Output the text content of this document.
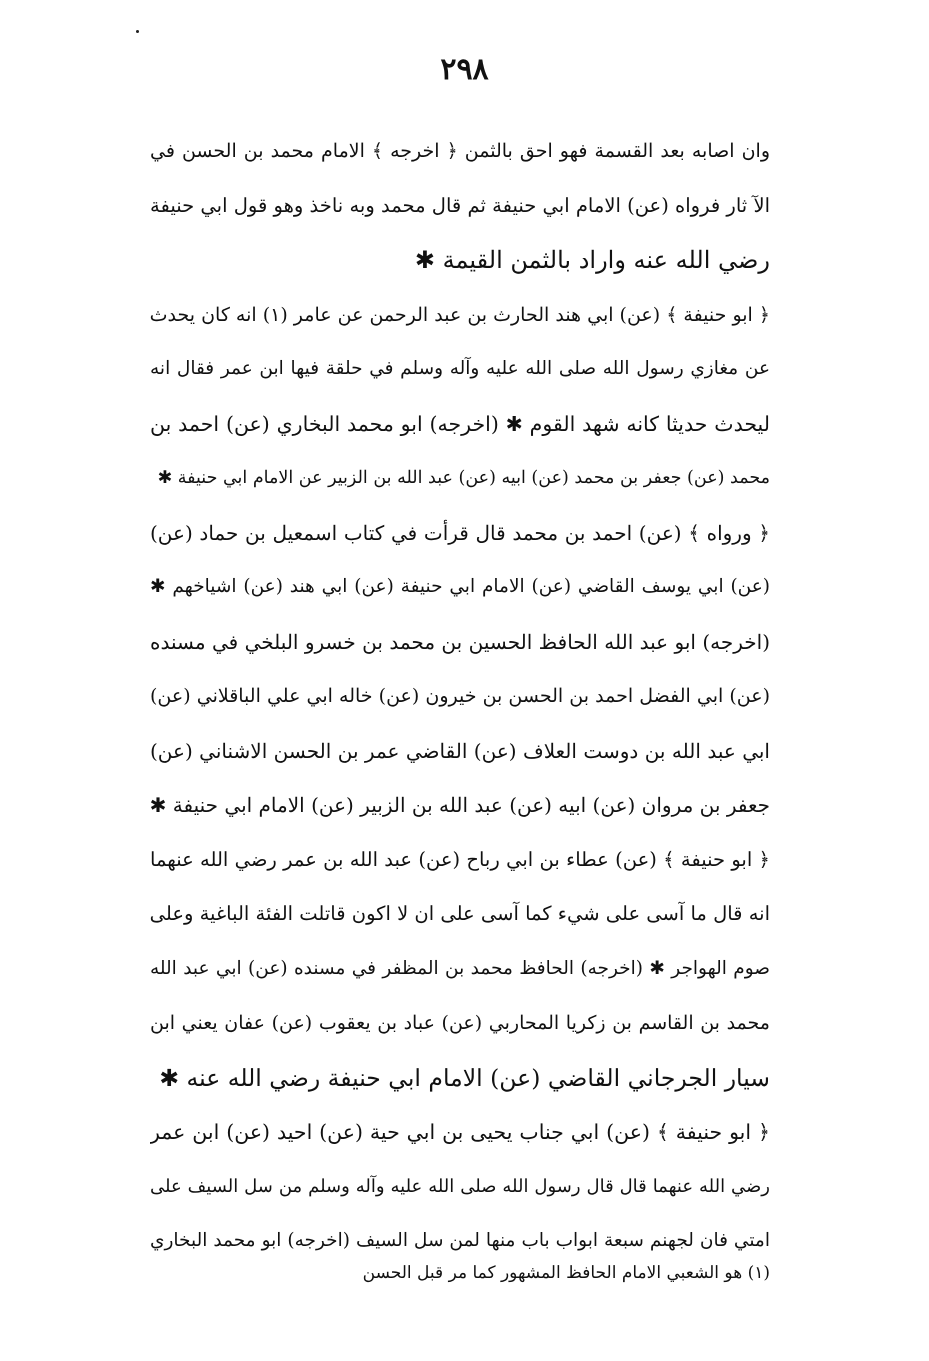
٢٩٨
وان اصابه بعد القسمة فهو احق بالثمن ﴿ اخرجه ﴾ الامام محمد بن الحسن في
الآ ثار فرواه (عن) الامام ابي حنيفة ثم قال محمد وبه ناخذ وهو قول ابي حنيفة
رضي الله عنه واراد بالثمن القيمة ✱
﴿ ابو حنيفة ﴾ (عن) ابي هند الحارث بن عبد الرحمن عن عامر (١) انه كان يحدث
عن مغازي رسول الله صلى الله عليه وآله وسلم في حلقة فيها ابن عمر فقال انه
ليحدث حديثا كانه شهد القوم ✱ (اخرجه) ابو محمد البخاري (عن) احمد بن
محمد (عن) جعفر بن محمد (عن) ابيه (عن) عبد الله بن الزبير عن الامام ابي حنيفة ✱
﴿ ورواه ﴾ (عن) احمد بن محمد قال قرأت في كتاب اسمعيل بن حماد (عن)
(عن) ابي يوسف القاضي (عن) الامام ابي حنيفة (عن) ابي هند (عن) اشياخهم ✱
(اخرجه) ابو عبد الله الحافظ الحسين بن محمد بن خسرو البلخي في مسنده
(عن) ابي الفضل احمد بن الحسن بن خيرون (عن) خاله ابي علي الباقلاني (عن)
ابي عبد الله بن دوست العلاف (عن) القاضي عمر بن الحسن الاشناني (عن)
جعفر بن مروان (عن) ابيه (عن) عبد الله بن الزبير (عن) الامام ابي حنيفة ✱
﴿ ابو حنيفة ﴾ (عن) عطاء بن ابي رباح (عن) عبد الله بن عمر رضي الله عنهما
انه قال ما آسى على شيء كما آسى على ان لا اكون قاتلت الفئة الباغية وعلى
صوم الهواجر ✱ (اخرجه) الحافظ محمد بن المظفر في مسنده (عن) ابي عبد الله
محمد بن القاسم بن زكريا المحاربي (عن) عباد بن يعقوب (عن) عفان يعني ابن
سيار الجرجاني القاضي (عن) الامام ابي حنيفة رضي الله عنه ✱
﴿ ابو حنيفة ﴾ (عن) ابي جناب يحيى بن ابي حية (عن) احيد (عن) ابن عمر
رضي الله عنهما قال قال رسول الله صلى الله عليه وآله وسلم من سل السيف على
امتي فان لجهنم سبعة ابواب باب منها لمن سل السيف (اخرجه) ابو محمد البخاري
(١) هو الشعبي الامام الحافظ المشهور كما مر قبل الحسن
